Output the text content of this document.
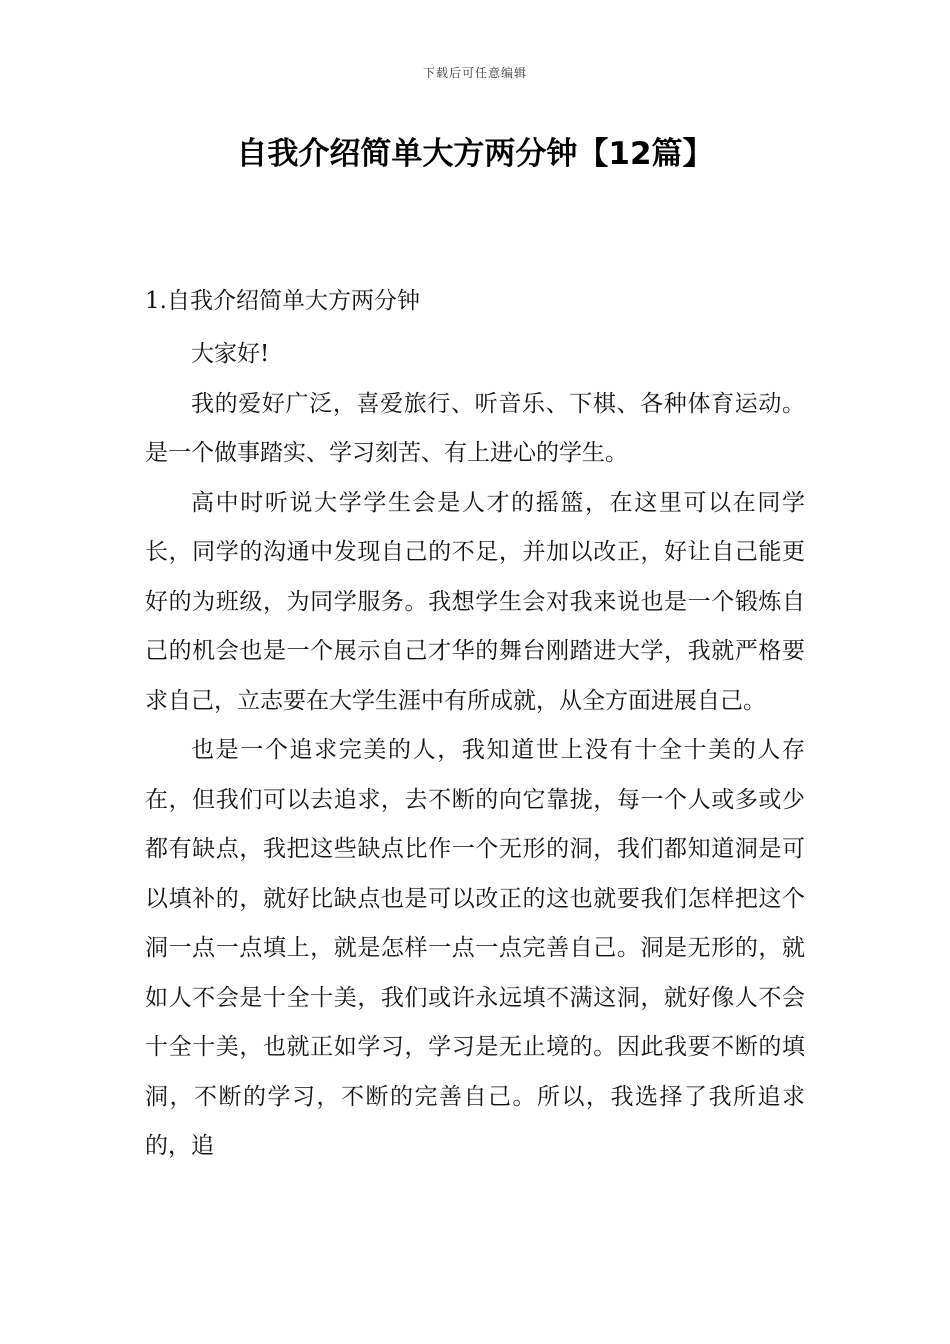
下载后可任意编辑
自我介绍简单大方两分钟【12篇】
1.自我介绍简单大方两分钟

大家好!

我的爱好广泛，喜爱旅行、听音乐、下棋、各种体育运动。是一个做事踏实、学习刻苦、有上进心的学生。

高中时听说大学学生会是人才的摇篮，在这里可以在同学长，同学的沟通中发现自己的不足，并加以改正，好让自己能更好的为班级，为同学服务。我想学生会对我来说也是一个锻炼自己的机会也是一个展示自己才华的舞台刚踏进大学，我就严格要求自己，立志要在大学生涯中有所成就，从全方面进展自己。

也是一个追求完美的人，我知道世上没有十全十美的人存在，但我们可以去追求，去不断的向它靠拢，每一个人或多或少都有缺点，我把这些缺点比作一个无形的洞，我们都知道洞是可以填补的，就好比缺点也是可以改正的这也就要我们怎样把这个洞一点一点填上，就是怎样一点一点完善自己。洞是无形的，就如人不会是十全十美，我们或许永远填不满这洞，就好像人不会十全十美，也就正如学习，学习是无止境的。因此我要不断的填洞，不断的学习，不断的完善自己。所以，我选择了我所追求的，追
